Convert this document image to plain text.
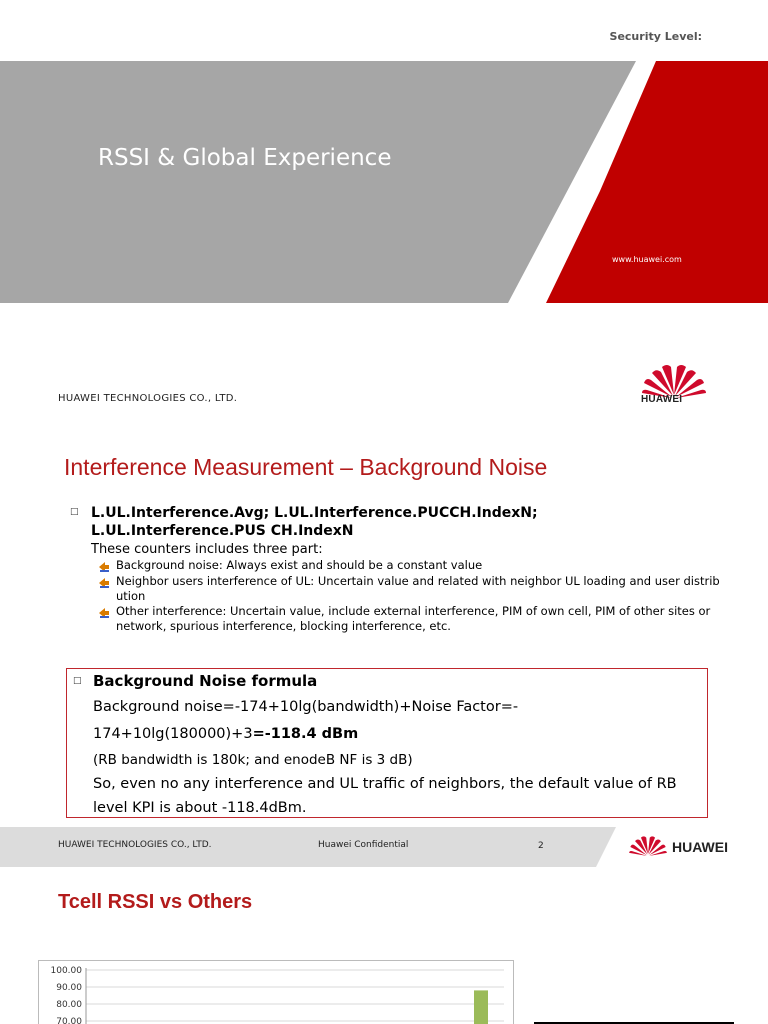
Security Level:
RSSI & Global Experience
www.huawei.com
HUAWEI TECHNOLOGIES CO., LTD.	HUAWEI
Interference Measurement – Background Noise
□ L.UL.Interference.Avg; L.UL.Interference.PUCCH.IndexN; L.UL.Interference.PUS CH.IndexN
These counters includes three part:
Background noise: Always exist and should be a constant value
Neighbor users interference of UL: Uncertain value and related with neighbor UL loading and user distrib ution
Other interference: Uncertain value, include external interference, PIM of own cell, PIM of other sites or network, spurious interference, blocking interference, etc.
□ Background Noise formula
Background noise=-174+10lg(bandwidth)+Noise Factor=-
174+10lg(180000)+3=-118.4 dBm
(RB bandwidth is 180k; and enodeB NF is 3 dB)
So, even no any interference and UL traffic of neighbors, the default value of RB
level KPI is about -118.4dBm.
HUAWEI TECHNOLOGIES CO., LTD.	Huawei Confidential	2	HUAWEI
Tcell RSSI vs Others
100.00
90.00
80.00
70.00
